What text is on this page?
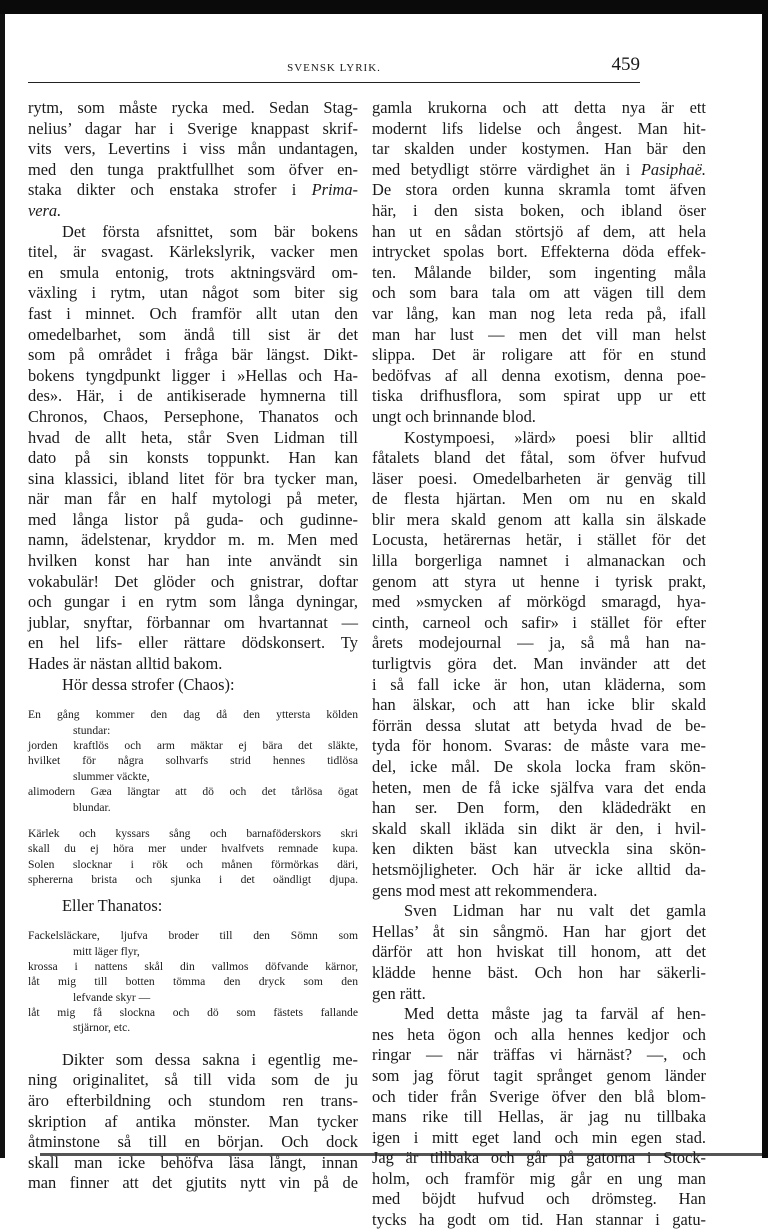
SVENSK LYRIK.	459
rytm, som måste rycka med. Sedan Stag-
nelius’ dagar har i Sverige knappast skrif-
vits vers, Levertins i viss mån undantagen,
med den tunga praktfullhet som öfver en-
staka dikter och enstaka strofer i Prima-
vera.
Det första afsnittet, som bär bokens
titel, är svagast. Kärlekslyrik, vacker men
en smula entonig, trots aktningsvärd om-
växling i rytm, utan något som biter sig
fast i minnet. Och framför allt utan den
omedelbarhet, som ändå till sist är det
som på området i fråga bär längst. Dikt-
bokens tyngdpunkt ligger i »Hellas och Ha-
des». Här, i de antikiserade hymnerna till
Chronos, Chaos, Persephone, Thanatos och
hvad de allt heta, står Sven Lidman till
dato på sin konsts toppunkt. Han kan
sina klassici, ibland litet för bra tycker man,
när man får en half mytologi på meter,
med långa listor på guda- och gudinne-
namn, ädelstenar, kryddor m. m. Men med
hvilken konst har han inte användt sin
vokabulär! Det glöder och gnistrar, doftar
och gungar i en rytm som långa dyningar,
jublar, snyftar, förbannar om hvartannat —
en hel lifs- eller rättare dödskonsert. Ty
Hades är nästan alltid bakom.
Hör dessa strofer (Chaos):
En gång kommer den dag då den yttersta kölden
stundar:
jorden kraftlös och arm mäktar ej bära det släkte,
hvilket för några solhvarfs strid hennes tidlösa
slummer väckte,
alimodern Gæa längtar att dö och det tårlösa ögat
blundar.
Kärlek och kyssars sång och barnaföderskors skri
skall du ej höra mer under hvalfvets remnade kupa.
Solen slocknar i rök och månen förmörkas däri,
sphererna brista och sjunka i det oändligt djupa.
Eller Thanatos:
Fackelsläckare, ljufva broder till den Sömn som
mitt läger flyr,
krossa i nattens skål din vallmos döfvande kärnor,
låt mig till botten tömma den dryck som den
lefvande skyr —
låt mig få slockna och dö som fästets fallande
stjärnor, etc.
Dikter som dessa sakna i egentlig me-
ning originalitet, så till vida som de ju
äro efterbildning och stundom ren trans-
skription af antika mönster. Man tycker
åtminstone så till en början. Och dock
skall man icke behöfva läsa långt, innan
man finner att det gjutits nytt vin på de
gamla krukorna och att detta nya är ett
modernt lifs lidelse och ångest. Man hit-
tar skalden under kostymen. Han bär den
med betydligt större värdighet än i Pasiphaë.
De stora orden kunna skramla tomt äfven
här, i den sista boken, och ibland öser
han ut en sådan störtsjö af dem, att hela
intrycket spolas bort. Effekterna döda effek-
ten. Målande bilder, som ingenting måla
och som bara tala om att vägen till dem
var lång, kan man nog leta reda på, ifall
man har lust — men det vill man helst
slippa. Det är roligare att för en stund
bedöfvas af all denna exotism, denna poe-
tiska drifhusflora, som spirat upp ur ett
ungt och brinnande blod.
Kostympoesi, »lärd» poesi blir alltid
fåtalets bland det fåtal, som öfver hufvud
läser poesi. Omedelbarheten är genväg till
de flesta hjärtan. Men om nu en skald
blir mera skald genom att kalla sin älskade
Locusta, hetärernas hetär, i stället för det
lilla borgerliga namnet i almanackan och
genom att styra ut henne i tyrisk prakt,
med »smycken af mörkögd smaragd, hya-
cinth, carneol och safir» i stället för efter
årets modejournal — ja, så må han na-
turligtvis göra det. Man invänder att det
i så fall icke är hon, utan kläderna, som
han älskar, och att han icke blir skald
förrän dessa slutat att betyda hvad de be-
tyda för honom. Svaras: de måste vara me-
del, icke mål. De skola locka fram skön-
heten, men de få icke själfva vara det enda
han ser. Den form, den klädedräkt en
skald skall ikläda sin dikt är den, i hvil-
ken dikten bäst kan utveckla sina skön-
hetsmöjligheter. Och här är icke alltid da-
gens mod mest att rekommendera.
Sven Lidman har nu valt det gamla
Hellas’ åt sin sångmö. Han har gjort det
därför att hon hviskat till honom, att det
klädde henne bäst. Och hon har säkerli-
gen rätt.
Med detta måste jag ta farväl af hen-
nes heta ögon och alla hennes kedjor och
ringar — när träffas vi härnäst? —, och
som jag förut tagit språnget genom länder
och tider från Sverige öfver den blå blom-
mans rike till Hellas, är jag nu tillbaka
igen i mitt eget land och min egen stad.
Jag är tillbaka och går på gatorna i Stock-
holm, och framför mig går en ung man
med böjdt hufvud och drömsteg. Han
tycks ha godt om tid. Han stannar i gatu-
